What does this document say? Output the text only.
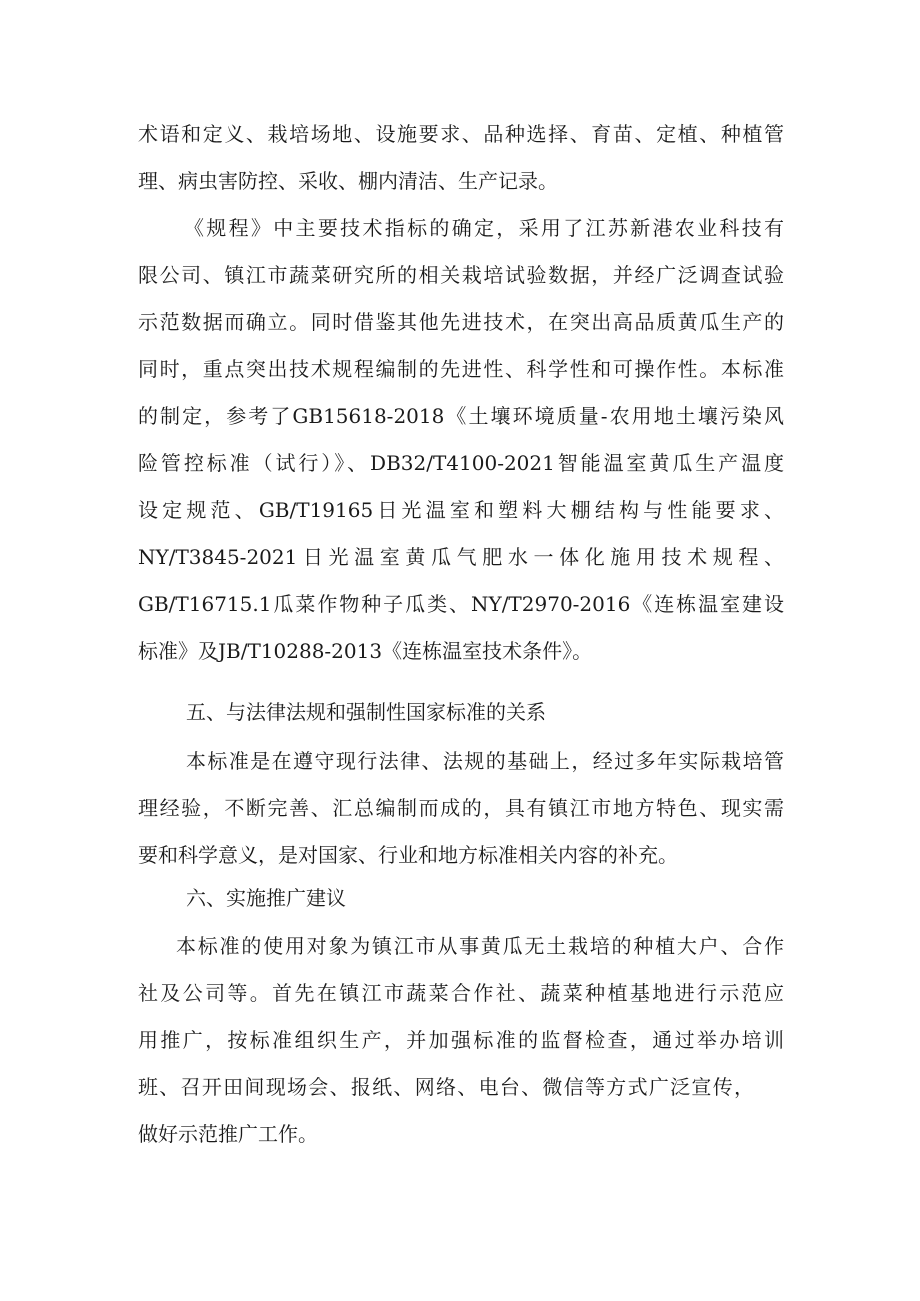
术语和定义、栽培场地、设施要求、品种选择、育苗、定植、种植管
理、病虫害防控、采收、棚内清洁、生产记录。
《规程》中主要技术指标的确定，采用了江苏新港农业科技有
限公司、镇江市蔬菜研究所的相关栽培试验数据，并经广泛调查试验
示范数据而确立。同时借鉴其他先进技术，在突出高品质黄瓜生产的
同时，重点突出技术规程编制的先进性、科学性和可操作性。本标准
的制定，参考了GB15618-2018《土壤环境质量-农用地土壤污染风
险管控标准（试行）》、DB32/T4100-2021智能温室黄瓜生产温度
设定规范、GB/T19165日光温室和塑料大棚结构与性能要求、
NY/T3845-2021日光温室黄瓜气肥水一体化施用技术规程、
GB/T16715.1瓜菜作物种子瓜类、NY/T2970-2016《连栋温室建设
标准》及JB/T10288-2013《连栋温室技术条件》。
五、与法律法规和强制性国家标准的关系
本标准是在遵守现行法律、法规的基础上，经过多年实际栽培管
理经验，不断完善、汇总编制而成的，具有镇江市地方特色、现实需
要和科学意义，是对国家、行业和地方标准相关内容的补充。
六、实施推广建议
本标准的使用对象为镇江市从事黄瓜无土栽培的种植大户、合作
社及公司等。首先在镇江市蔬菜合作社、蔬菜种植基地进行示范应
用推广，按标准组织生产，并加强标准的监督检查，通过举办培训
班、召开田间现场会、报纸、网络、电台、微信等方式广泛宣传，
做好示范推广工作。
